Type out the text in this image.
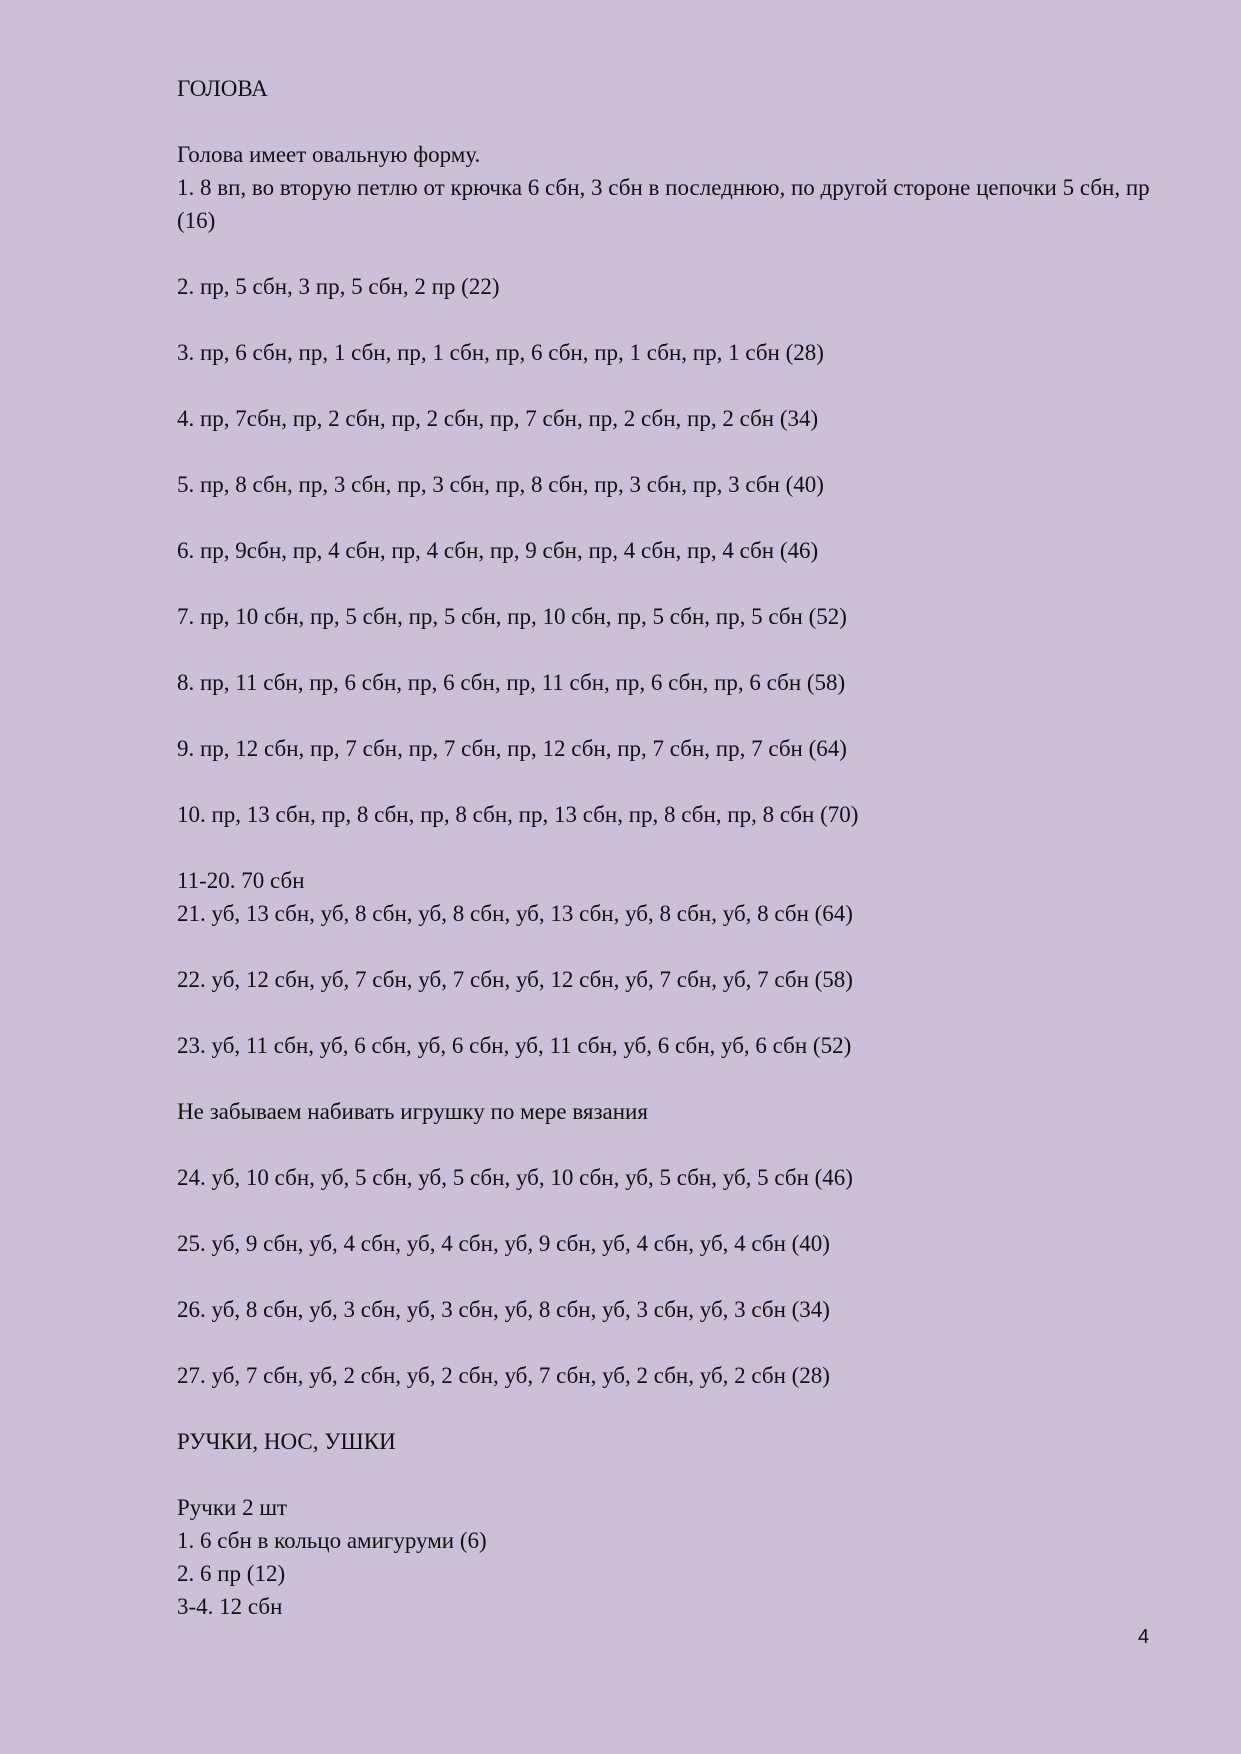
ГОЛОВА
Голова имеет овальную форму.
1. 8 вп, во вторую петлю от крючка 6 сбн, 3 сбн в последнюю, по другой стороне цепочки 5 сбн, пр (16)
2. пр, 5 сбн, 3 пр, 5 сбн, 2 пр (22)
3. пр, 6 сбн, пр, 1 сбн, пр, 1 сбн, пр, 6 сбн, пр, 1 сбн, пр, 1 сбн (28)
4. пр, 7сбн, пр, 2 сбн, пр, 2 сбн, пр, 7 сбн, пр, 2 сбн, пр, 2 сбн (34)
5. пр, 8 сбн, пр, 3 сбн, пр, 3 сбн, пр, 8 сбн, пр, 3 сбн, пр, 3 сбн (40)
6. пр, 9сбн, пр, 4 сбн, пр, 4 сбн, пр, 9 сбн, пр, 4 сбн, пр, 4 сбн (46)
7. пр, 10 сбн, пр, 5 сбн, пр, 5 сбн, пр, 10 сбн, пр, 5 сбн, пр, 5 сбн (52)
8. пр, 11 сбн, пр, 6 сбн, пр, 6 сбн, пр, 11 сбн, пр, 6 сбн, пр, 6 сбн (58)
9. пр, 12 сбн, пр, 7 сбн, пр, 7 сбн, пр, 12 сбн, пр, 7 сбн, пр, 7 сбн (64)
10. пр, 13 сбн, пр, 8 сбн, пр, 8 сбн, пр, 13 сбн, пр, 8 сбн, пр, 8 сбн (70)
11-20. 70 сбн
21. уб, 13 сбн, уб, 8 сбн, уб, 8 сбн, уб, 13 сбн, уб, 8 сбн, уб, 8 сбн (64)
22. уб, 12 сбн, уб, 7 сбн, уб, 7 сбн, уб, 12 сбн, уб, 7 сбн, уб, 7 сбн (58)
23. уб, 11 сбн, уб, 6 сбн, уб, 6 сбн, уб, 11 сбн, уб, 6 сбн, уб, 6 сбн (52)
Не забываем набивать игрушку по мере вязания
24. уб, 10 сбн, уб, 5 сбн, уб, 5 сбн, уб, 10 сбн, уб, 5 сбн, уб, 5 сбн (46)
25. уб, 9 сбн, уб, 4 сбн, уб, 4 сбн, уб, 9 сбн, уб, 4 сбн, уб, 4 сбн (40)
26. уб, 8 сбн, уб, 3 сбн, уб, 3 сбн, уб, 8 сбн, уб, 3 сбн, уб, 3 сбн (34)
27. уб, 7 сбн, уб, 2 сбн, уб, 2 сбн, уб, 7 сбн, уб, 2 сбн, уб, 2 сбн (28)
РУЧКИ, НОС, УШКИ
Ручки 2 шт
1. 6 сбн в кольцо амигуруми (6)
2. 6 пр (12)
3-4. 12 сбн
4
